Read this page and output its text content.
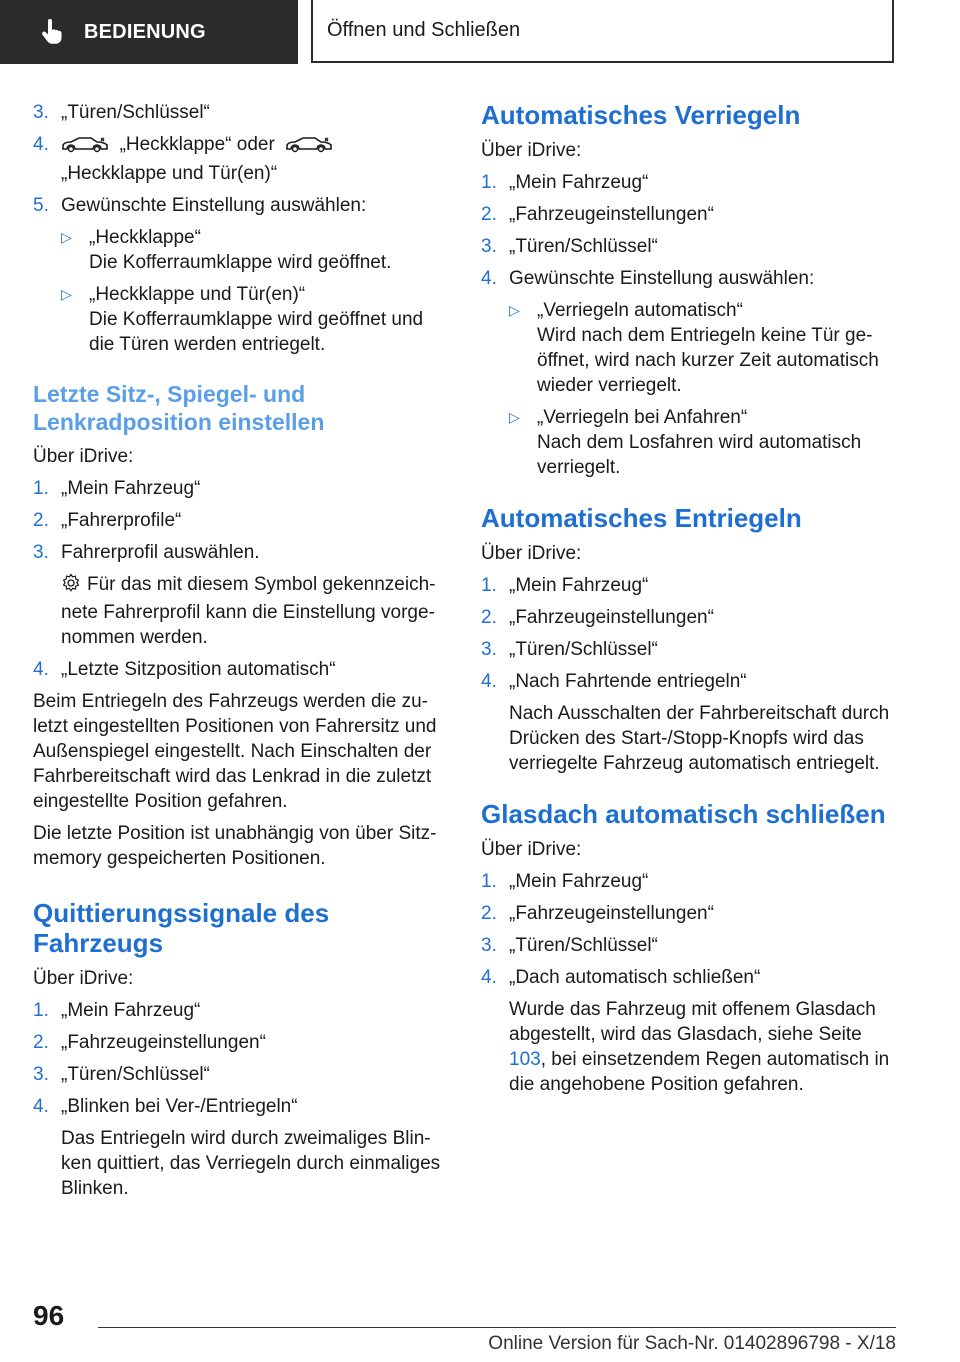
BEDIENUNG	Öffnen und Schließen
3. „Türen/Schlüssel“
4.	„Heckklappe“ oder
„Heckklappe und Tür(en)“
5. Gewünschte Einstellung auswählen:
▷ „Heckklappe“
Die Kofferraumklappe wird geöffnet.
▷ „Heckklappe und Tür(en)“
Die Kofferraumklappe wird geöffnet und die Türen werden entriegelt.
Letzte Sitz-, Spiegel- und Lenkradposition einstellen
Über iDrive:
1. „Mein Fahrzeug“
2. „Fahrerprofile“
3. Fahrerprofil auswählen.
Für das mit diesem Symbol gekennzeichnete Fahrerprofil kann die Einstellung vorgenommen werden.
4. „Letzte Sitzposition automatisch“
Beim Entriegeln des Fahrzeugs werden die zuletzt eingestellten Positionen von Fahrersitz und Außenspiegel eingestellt. Nach Einschalten der Fahrbereitschaft wird das Lenkrad in die zuletzt eingestellte Position gefahren.
Die letzte Position ist unabhängig von über Sitzmemory gespeicherten Positionen.
Quittierungssignale des Fahrzeugs
Über iDrive:
1. „Mein Fahrzeug“
2. „Fahrzeugeinstellungen“
3. „Türen/Schlüssel“
4. „Blinken bei Ver-/Entriegeln“
Das Entriegeln wird durch zweimaliges Blinken quittiert, das Verriegeln durch einmaliges Blinken.
Automatisches Verriegeln
Über iDrive:
1. „Mein Fahrzeug“
2. „Fahrzeugeinstellungen“
3. „Türen/Schlüssel“
4. Gewünschte Einstellung auswählen:
▷ „Verriegeln automatisch“
Wird nach dem Entriegeln keine Tür geöffnet, wird nach kurzer Zeit automatisch wieder verriegelt.
▷ „Verriegeln bei Anfahren“
Nach dem Losfahren wird automatisch verriegelt.
Automatisches Entriegeln
Über iDrive:
1. „Mein Fahrzeug“
2. „Fahrzeugeinstellungen“
3. „Türen/Schlüssel“
4. „Nach Fahrtende entriegeln“
Nach Ausschalten der Fahrbereitschaft durch Drücken des Start-/Stopp-Knopfs wird das verriegelte Fahrzeug automatisch entriegelt.
Glasdach automatisch schließen
Über iDrive:
1. „Mein Fahrzeug“
2. „Fahrzeugeinstellungen“
3. „Türen/Schlüssel“
4. „Dach automatisch schließen“
Wurde das Fahrzeug mit offenem Glasdach abgestellt, wird das Glasdach, siehe Seite 103, bei einsetzendem Regen automatisch in die angehobene Position gefahren.
96
Online Version für Sach-Nr. 01402896798 - X/18
